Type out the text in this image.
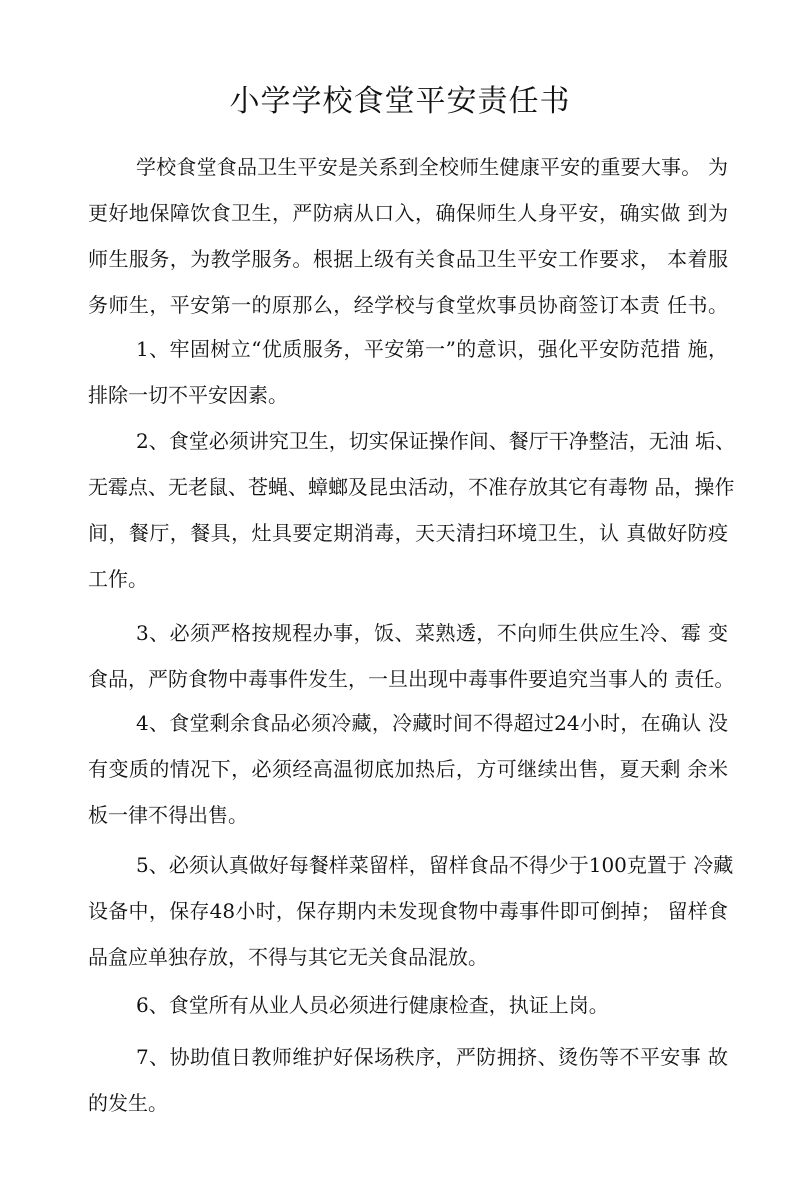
小学学校食堂平安责任书
学校食堂食品卫生平安是关系到全校师生健康平安的重要大事。 为
更好地保障饮食卫生，严防病从口入，确保师生人身平安，确实做 到为
师生服务，为教学服务。根据上级有关食品卫生平安工作要求， 本着服
务师生，平安第一的原那么，经学校与食堂炊事员协商签订本责 任书。
1、牢固树立“优质服务，平安第一”的意识，强化平安防范措 施，
排除一切不平安因素。
2、食堂必须讲究卫生，切实保证操作间、餐厅干净整洁，无油 垢、
无霉点、无老鼠、苍蝇、蟑螂及昆虫活动，不准存放其它有毒物 品，操作
间，餐厅，餐具，灶具要定期消毒，天天清扫环境卫生，认 真做好防疫
工作。
3、必须严格按规程办事，饭、菜熟透，不向师生供应生冷、霉 变
食品，严防食物中毒事件发生，一旦出现中毒事件要追究当事人的 责任。
4、食堂剩余食品必须冷藏，冷藏时间不得超过24小时，在确认 没
有变质的情况下，必须经高温彻底加热后，方可继续出售，夏天剩 余米
板一律不得出售。
5、必须认真做好每餐样菜留样，留样食品不得少于100克置于 冷藏
设备中，保存48小时，保存期内未发现食物中毒事件即可倒掉； 留样食
品盒应单独存放，不得与其它无关食品混放。
6、食堂所有从业人员必须进行健康检查，执证上岗。
7、协助值日教师维护好保场秩序，严防拥挤、烫伤等不平安事 故
的发生。
